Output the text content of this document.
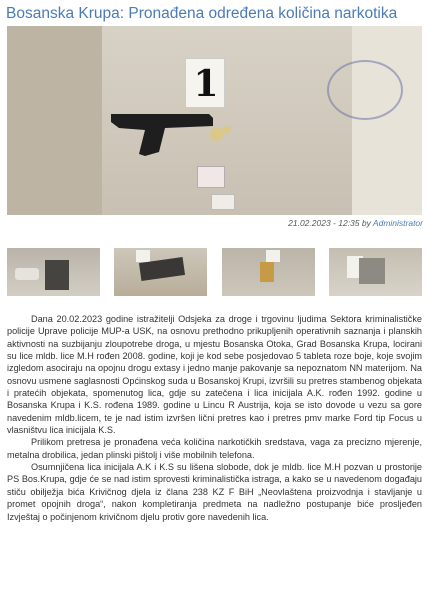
Bosanska Krupa: Pronađena određena količina narkotika
1
21.02.2023 - 12:35 by Administrator

Dana 20.02.2023 godine istražitelji Odsjeka za droge i trgovinu ljudima Sektora kriminalističke policije Uprave policije MUP-a USK, na osnovu prethodno prikupljenih operativnih saznanja i planskih aktivnosti na suzbijanju zloupotrebe droga, u mjestu Bosanska Otoka, Grad Bosanska Krupa, locirani su lice mldb. lice M.H rođen 2008. godine, koji je kod sebe posjedovao 5 tableta roze boje, koje svojim izgledom asociraju na opojnu drogu extasy i jedno manje pakovanje sa nepoznatom NN materijom. Na osnovu usmene saglasnosti Općinskog suda u Bosanskoj Krupi, izvršili su pretres stambenog objekata i pratećih objekata, spomenutog lica, gdje su zatečena i lica inicijala A.K. rođen 1992. godine u Bosanska Krupa i K.S. rođena 1989. godine u Lincu R Austrija, koja se isto dovode u vezu sa gore navedenim mldb.licem, te je nad istim izvršen lični pretres kao i pretres pmv marke Ford tip Focus u vlasništvu lica inicijala K.S.

Prilikom pretresa je pronađena veća količina narkotičkih sredstava, vaga za precizno mjerenje, metalna drobilica, jedan plinski pištolj i više mobilnih telefona.

Osumnjičena lica inicijala A.K i K.S su lišena slobode, dok je mldb. lice M.H pozvan u prostorije PS Bos.Krupa, gdje će se nad istim sprovesti kriminalistička istraga, a kako se u navedenom događaju stiču obilježja bića Krivičnog djela iz člana 238 KZ F BiH „Neovlaštena proizvodnja i stavljanje u promet opojnih droga“, nakon kompletiranja predmeta na nadležno postupanje biće prosljeđen Izvještaj o počinjenom krivičnom djelu protiv gore navedenih lica.
